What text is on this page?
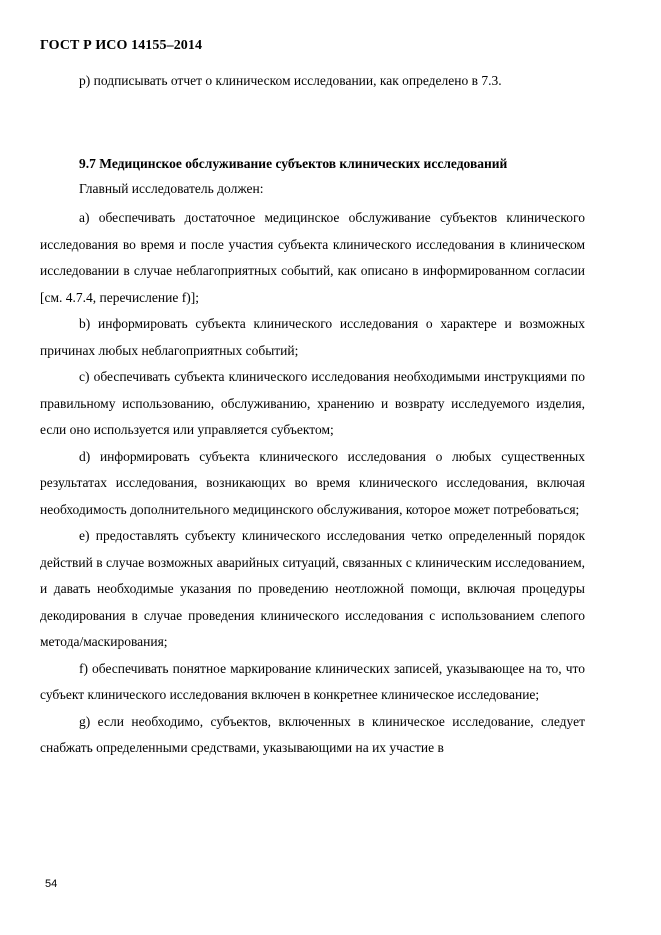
ГОСТ Р ИСО 14155–2014
p) подписывать отчет о клиническом исследовании, как определено в 7.3.
9.7 Медицинское обслуживание субъектов клинических исследований
Главный исследователь должен:

a) обеспечивать достаточное медицинское обслуживание субъектов клинического исследования во время и после участия субъекта клинического исследования в клиническом исследовании в случае неблагоприятных событий, как описано в информированном согласии [см. 4.7.4, перечисление f)];

b) информировать субъекта клинического исследования о характере и возможных причинах любых неблагоприятных событий;

c) обеспечивать субъекта клинического исследования необходимыми инструкциями по правильному использованию, обслуживанию, хранению и возврату исследуемого изделия, если оно используется или управляется субъектом;

d) информировать субъекта клинического исследования о любых существенных результатах исследования, возникающих во время клинического исследования, включая необходимость дополнительного медицинского обслуживания, которое может потребоваться;

e) предоставлять субъекту клинического исследования четко определенный порядок действий в случае возможных аварийных ситуаций, связанных с клиническим исследованием, и давать необходимые указания по проведению неотложной помощи, включая процедуры декодирования в случае проведения клинического исследования с использованием слепого метода/маскирования;

f) обеспечивать понятное маркирование клинических записей, указывающее на то, что субъект клинического исследования включен в конкретнее клиническое исследование;

g) если необходимо, субъектов, включенных в клиническое исследование, следует снабжать определенными средствами, указывающими на их участие в

54
